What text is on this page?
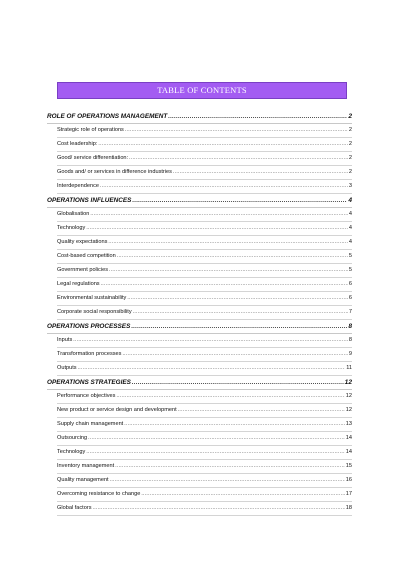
TABLE OF CONTENTS
ROLE OF OPERATIONS MANAGEMENT .....	2
Strategic role of operations .....	2
Cost leadership: .....	2
Good/ service differentiation: .....	2
Goods and/ or services in difference industries .....	2
Interdependence .....	3
OPERATIONS INFLUENCES .....	4
Globalisation .....	4
Technology .....	4
Quality expectations .....	4
Cost-based competition .....	5
Government policies .....	5
Legal regulations .....	6
Environmental sustainability .....	6
Corporate social responsibility .....	7
OPERATIONS PROCESSES .....	8
Inputs .....	8
Transformation processes .....	9
Outputs .....	11
OPERATIONS STRATEGIES .....	12
Performance objectives .....	12
New product or service design and development .....	12
Supply chain management .....	13
Outsourcing .....	14
Technology .....	14
Inventory management .....	15
Quality management .....	16
Overcoming resistance to change .....	17
Global factors .....	18
